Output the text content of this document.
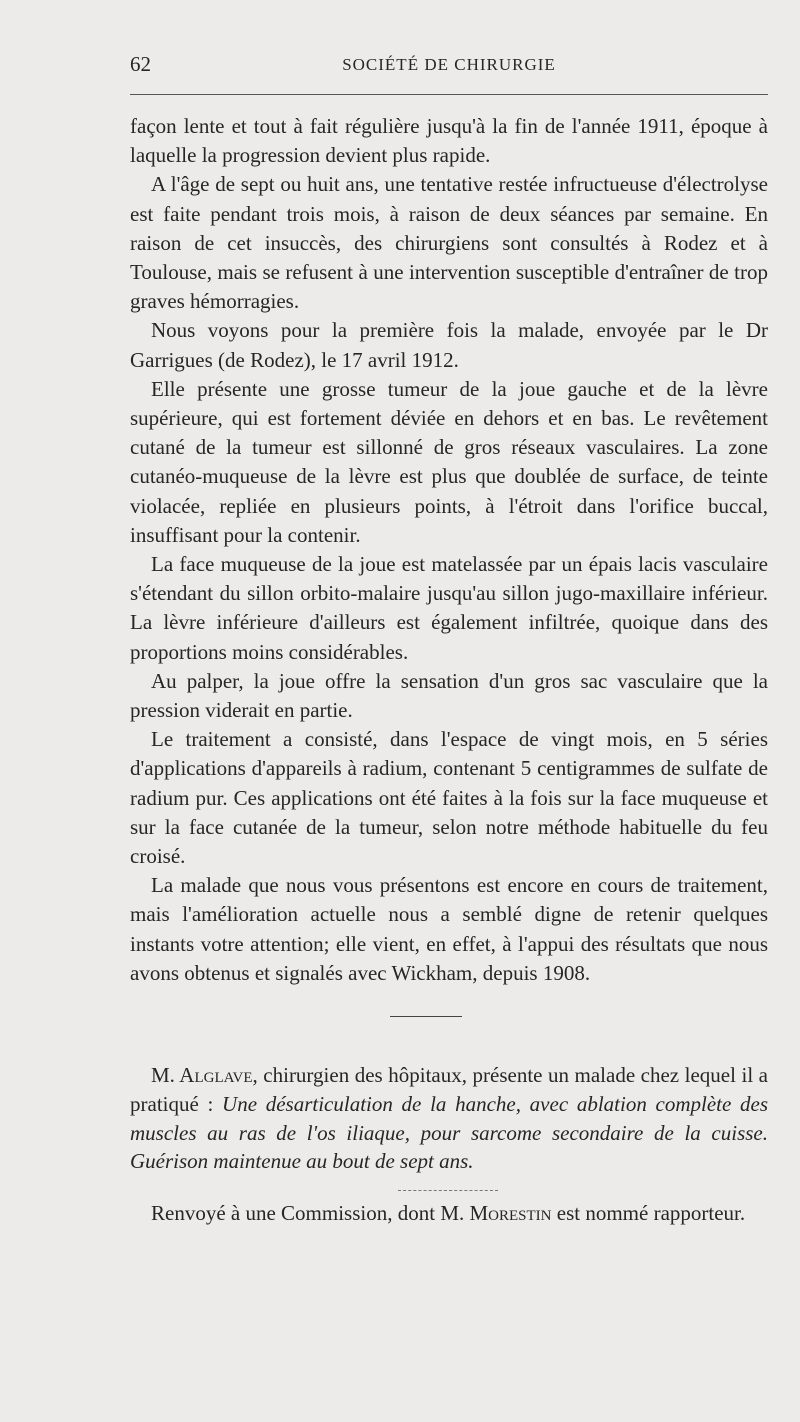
62	SOCIÉTÉ DE CHIRURGIE

façon lente et tout à fait régulière jusqu'à la fin de l'année 1911, époque à laquelle la progression devient plus rapide.

A l'âge de sept ou huit ans, une tentative restée infructueuse d'électrolyse est faite pendant trois mois, à raison de deux séances par semaine. En raison de cet insuccès, des chirurgiens sont consultés à Rodez et à Toulouse, mais se refusent à une intervention susceptible d'entraîner de trop graves hémorragies.

Nous voyons pour la première fois la malade, envoyée par le Dr Garrigues (de Rodez), le 17 avril 1912.

Elle présente une grosse tumeur de la joue gauche et de la lèvre supérieure, qui est fortement déviée en dehors et en bas. Le revêtement cutané de la tumeur est sillonné de gros réseaux vasculaires. La zone cutanéo-muqueuse de la lèvre est plus que doublée de surface, de teinte violacée, repliée en plusieurs points, à l'étroit dans l'orifice buccal, insuffisant pour la contenir.

La face muqueuse de la joue est matelassée par un épais lacis vasculaire s'étendant du sillon orbito-malaire jusqu'au sillon jugo-maxillaire inférieur. La lèvre inférieure d'ailleurs est également infiltrée, quoique dans des proportions moins considérables.

Au palper, la joue offre la sensation d'un gros sac vasculaire que la pression viderait en partie.

Le traitement a consisté, dans l'espace de vingt mois, en 5 séries d'applications d'appareils à radium, contenant 5 centigrammes de sulfate de radium pur. Ces applications ont été faites à la fois sur la face muqueuse et sur la face cutanée de la tumeur, selon notre méthode habituelle du feu croisé.

La malade que nous vous présentons est encore en cours de traitement, mais l'amélioration actuelle nous a semblé digne de retenir quelques instants votre attention; elle vient, en effet, à l'appui des résultats que nous avons obtenus et signalés avec Wickham, depuis 1908.

M. Alglave, chirurgien des hôpitaux, présente un malade chez lequel il a pratiqué : Une désarticulation de la hanche, avec ablation complète des muscles au ras de l'os iliaque, pour sarcome secondaire de la cuisse. Guérison maintenue au bout de sept ans.

Renvoyé à une Commission, dont M. Morestin est nommé rapporteur.
